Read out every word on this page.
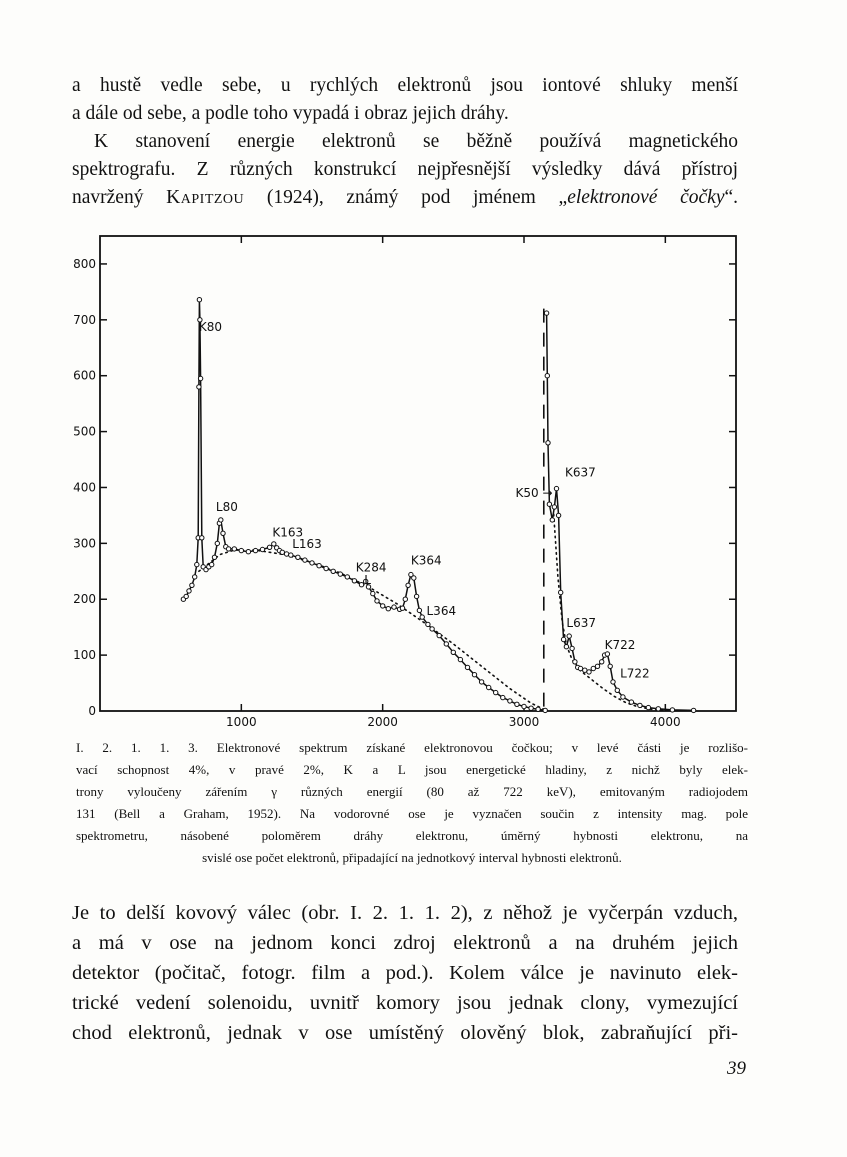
a hustě vedle sebe, u rychlých elektronů jsou iontové shluky menší

a dále od sebe, a podle toho vypadá i obraz jejich dráhy.

K stanovení energie elektronů se běžně používá magnetického

spektrografu. Z různých konstrukcí nejpřesnější výsledky dává přístroj

navržený Kapitzou (1924), známý pod jménem „elektronové čočky“.

1000	2000	3000	4000
0
100
200
300
400
500
600
700
800
K80
L80
K163
L163
K284
L
K364
L364
K50 →
K637
L637
K722
L722

I. 2. 1. 1. 3. Elektronové spektrum získané elektronovou čočkou; v levé části je rozlišo-

vací schopnost 4%, v pravé 2%, K a L jsou energetické hladiny, z nichž byly elek-

trony vyloučeny zářením γ různých energií (80 až 722 keV), emitovaným radiojodem

131 (Bell a Graham, 1952). Na vodorovné ose je vyznačen součin z intensity mag. pole

spektrometru, násobené poloměrem dráhy elektronu, úměrný hybnosti elektronu, na

svislé ose počet elektronů, připadající na jednotkový interval hybnosti elektronů.

Je to delší kovový válec (obr. I. 2. 1. 1. 2), z něhož je vyčerpán vzduch,

a má v ose na jednom konci zdroj elektronů a na druhém jejich

detektor (počitač, fotogr. film a pod.). Kolem válce je navinuto elek-

trické vedení solenoidu, uvnitř komory jsou jednak clony, vymezující

chod elektronů, jednak v ose umístěný olověný blok, zabraňující při-

39
